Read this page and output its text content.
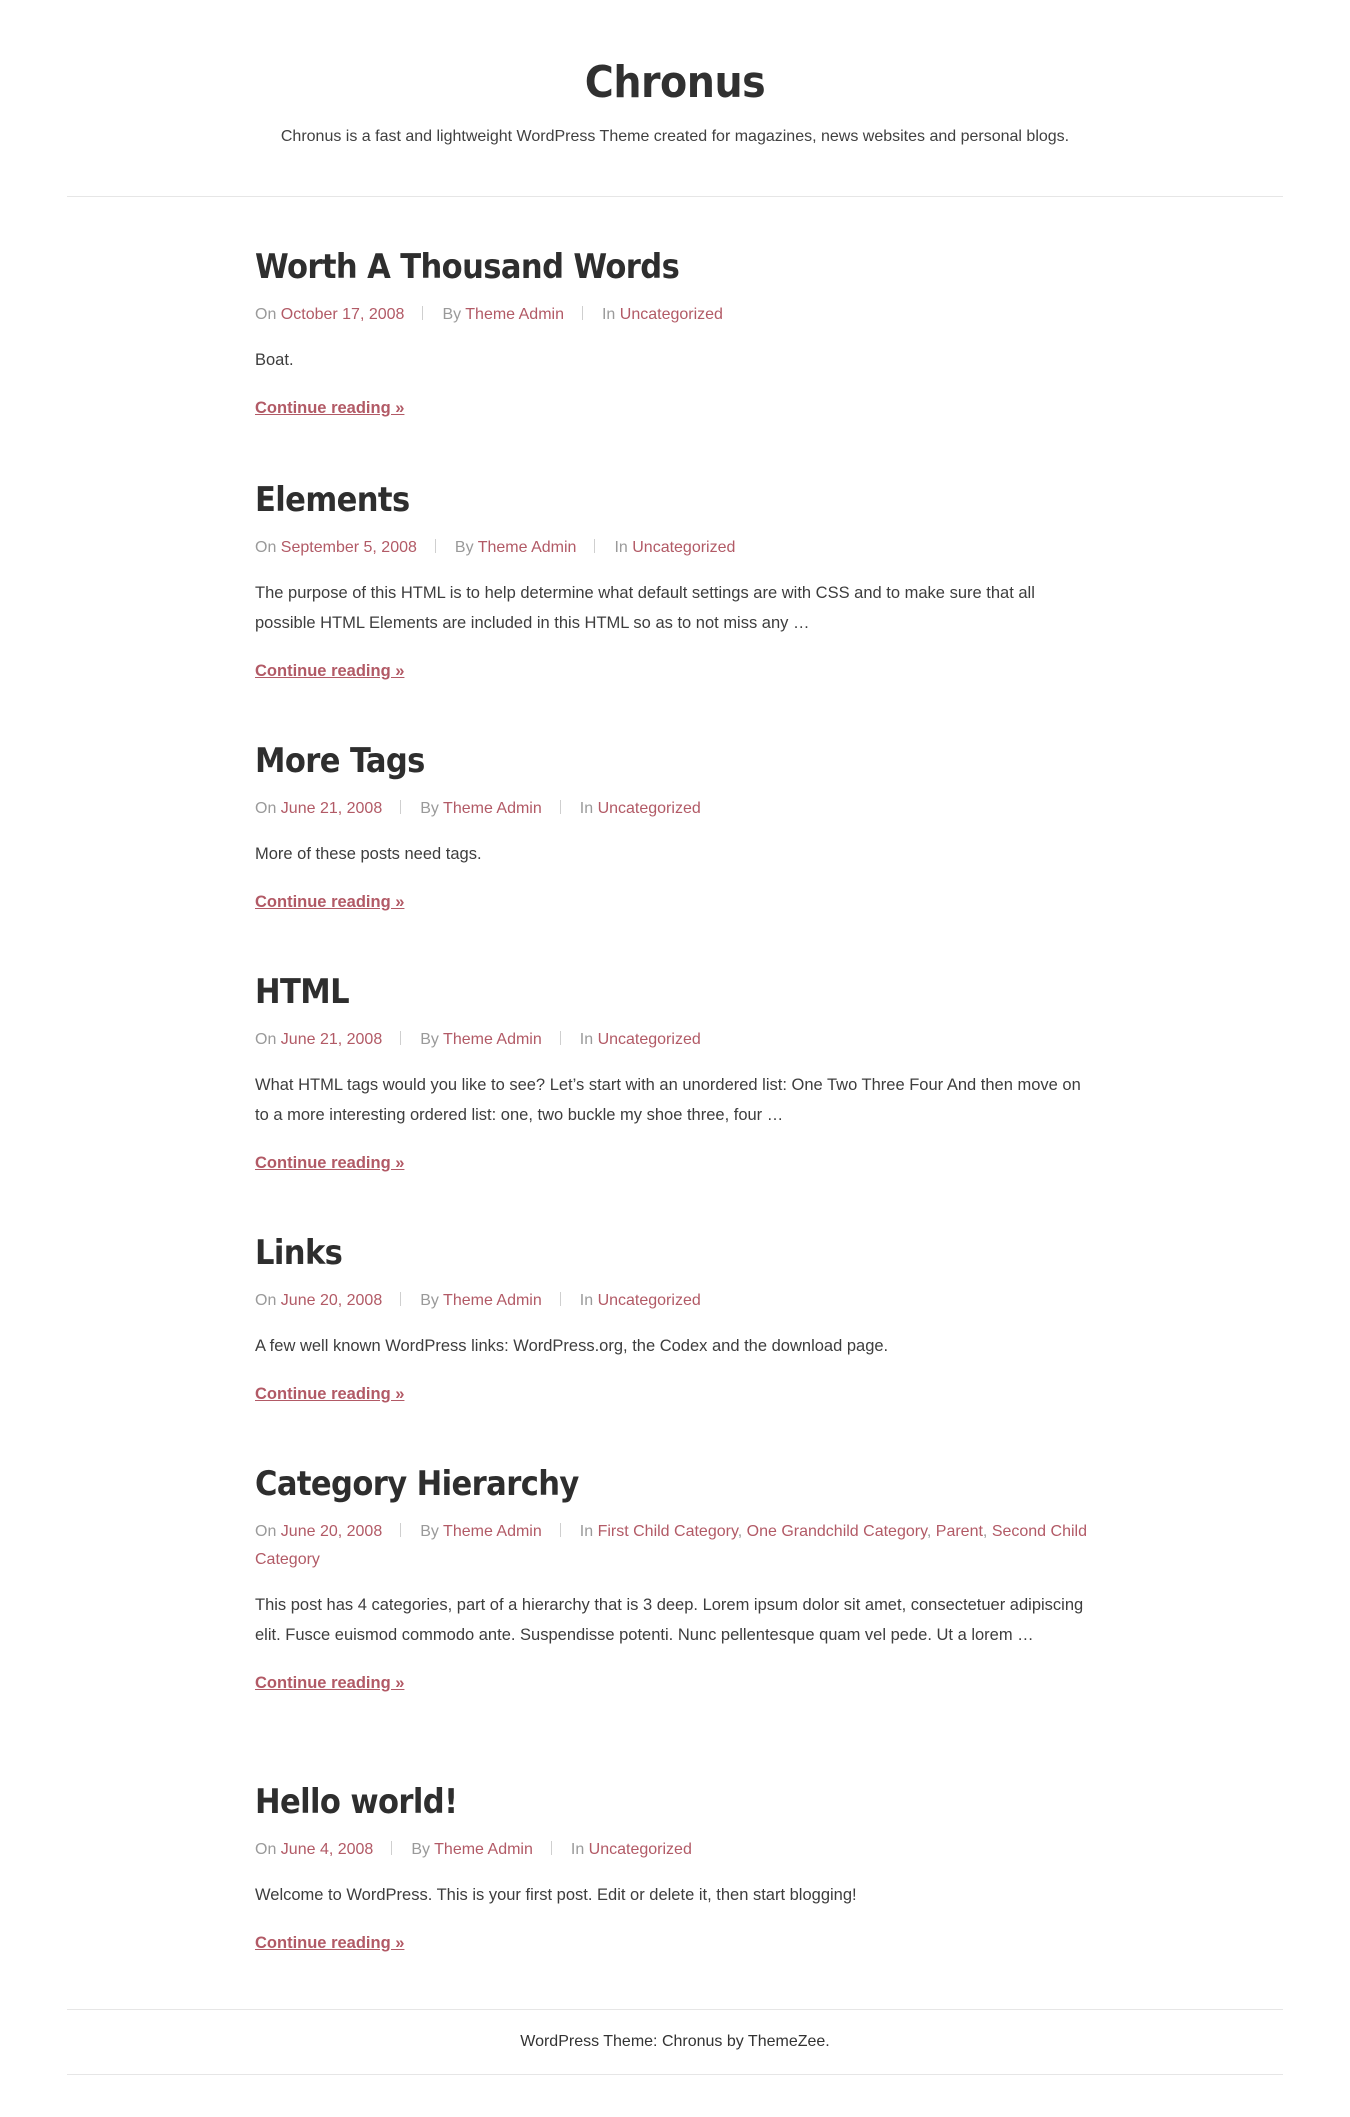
Chronus

Chronus is a fast and lightweight WordPress Theme created for magazines, news websites and personal blogs.

Worth A Thousand Words
On October 17, 2008 By Theme Admin In Uncategorized

Boat.

Continue reading »
Elements
On September 5, 2008 By Theme Admin In Uncategorized

The purpose of this HTML is to help determine what default settings are with CSS and to make sure that all possible HTML Elements are included in this HTML so as to not miss any …

Continue reading »
More Tags
On June 21, 2008 By Theme Admin In Uncategorized

More of these posts need tags.

Continue reading »
HTML
On June 21, 2008 By Theme Admin In Uncategorized

What HTML tags would you like to see? Let’s start with an unordered list: One Two Three Four And then move on to a more interesting ordered list: one, two buckle my shoe three, four …

Continue reading »
Links
On June 20, 2008 By Theme Admin In Uncategorized

A few well known WordPress links: WordPress.org, the Codex and the download page.

Continue reading »
Category Hierarchy
On June 20, 2008 By Theme Admin In First Child Category, One Grandchild Category, Parent, Second Child Category

This post has 4 categories, part of a hierarchy that is 3 deep. Lorem ipsum dolor sit amet, consectetuer adipiscing elit. Fusce euismod commodo ante. Suspendisse potenti. Nunc pellentesque quam vel pede. Ut a lorem …

Continue reading »
Hello world!
On June 4, 2008 By Theme Admin In Uncategorized

Welcome to WordPress. This is your first post. Edit or delete it, then start blogging!

Continue reading »
WordPress Theme: Chronus by ThemeZee.
